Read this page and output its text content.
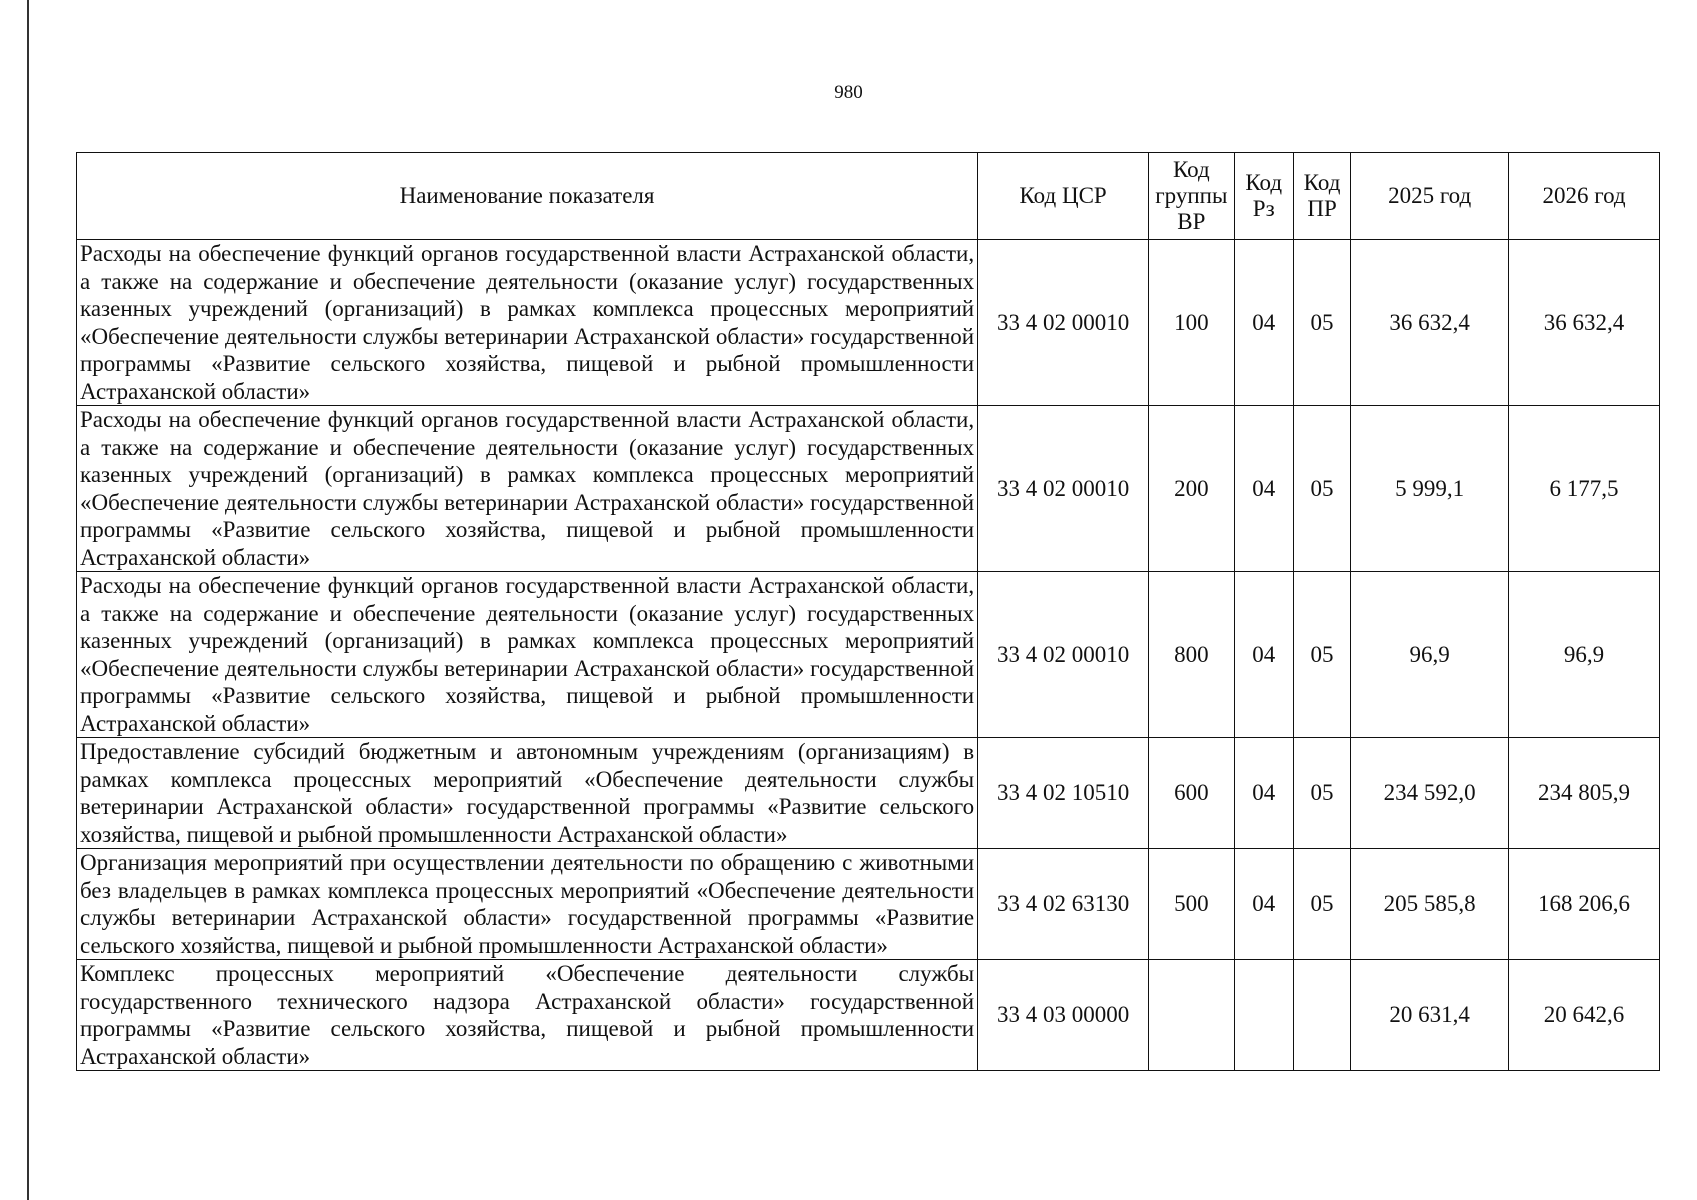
980
Наименование показателя	Код ЦСР	Код группы ВР	Код Рз	Код ПР	2025 год	2026 год
Расходы на обеспечение функций органов государственной власти Астраханской области, а также на содержание и обеспечение деятельности (оказание услуг) государственных казенных учреждений (организаций) в рамках комплекса процессных мероприятий «Обеспечение деятельности службы ветеринарии Астраханской области» государственной программы «Развитие сельского хозяйства, пищевой и рыбной промышленности Астраханской области»	33 4 02 00010	100	04	05	36 632,4	36 632,4
Расходы на обеспечение функций органов государственной власти Астраханской области, а также на содержание и обеспечение деятельности (оказание услуг) государственных казенных учреждений (организаций) в рамках комплекса процессных мероприятий «Обеспечение деятельности службы ветеринарии Астраханской области» государственной программы «Развитие сельского хозяйства, пищевой и рыбной промышленности Астраханской области»	33 4 02 00010	200	04	05	5 999,1	6 177,5
Расходы на обеспечение функций органов государственной власти Астраханской области, а также на содержание и обеспечение деятельности (оказание услуг) государственных казенных учреждений (организаций) в рамках комплекса процессных мероприятий «Обеспечение деятельности службы ветеринарии Астраханской области» государственной программы «Развитие сельского хозяйства, пищевой и рыбной промышленности Астраханской области»	33 4 02 00010	800	04	05	96,9	96,9
Предоставление субсидий бюджетным и автономным учреждениям (организациям) в рамках комплекса процессных мероприятий «Обеспечение деятельности службы ветеринарии Астраханской области» государственной программы «Развитие сельского хозяйства, пищевой и рыбной промышленности Астраханской области»	33 4 02 10510	600	04	05	234 592,0	234 805,9
Организация мероприятий при осуществлении деятельности по обращению с животными без владельцев в рамках комплекса процессных мероприятий «Обеспечение деятельности службы ветеринарии Астраханской области» государственной программы «Развитие сельского хозяйства, пищевой и рыбной промышленности Астраханской области»	33 4 02 63130	500	04	05	205 585,8	168 206,6
Комплекс процессных мероприятий «Обеспечение деятельности службы государственного технического надзора Астраханской области» государственной программы «Развитие сельского хозяйства, пищевой и рыбной промышленности Астраханской области»	33 4 03 00000				20 631,4	20 642,6
